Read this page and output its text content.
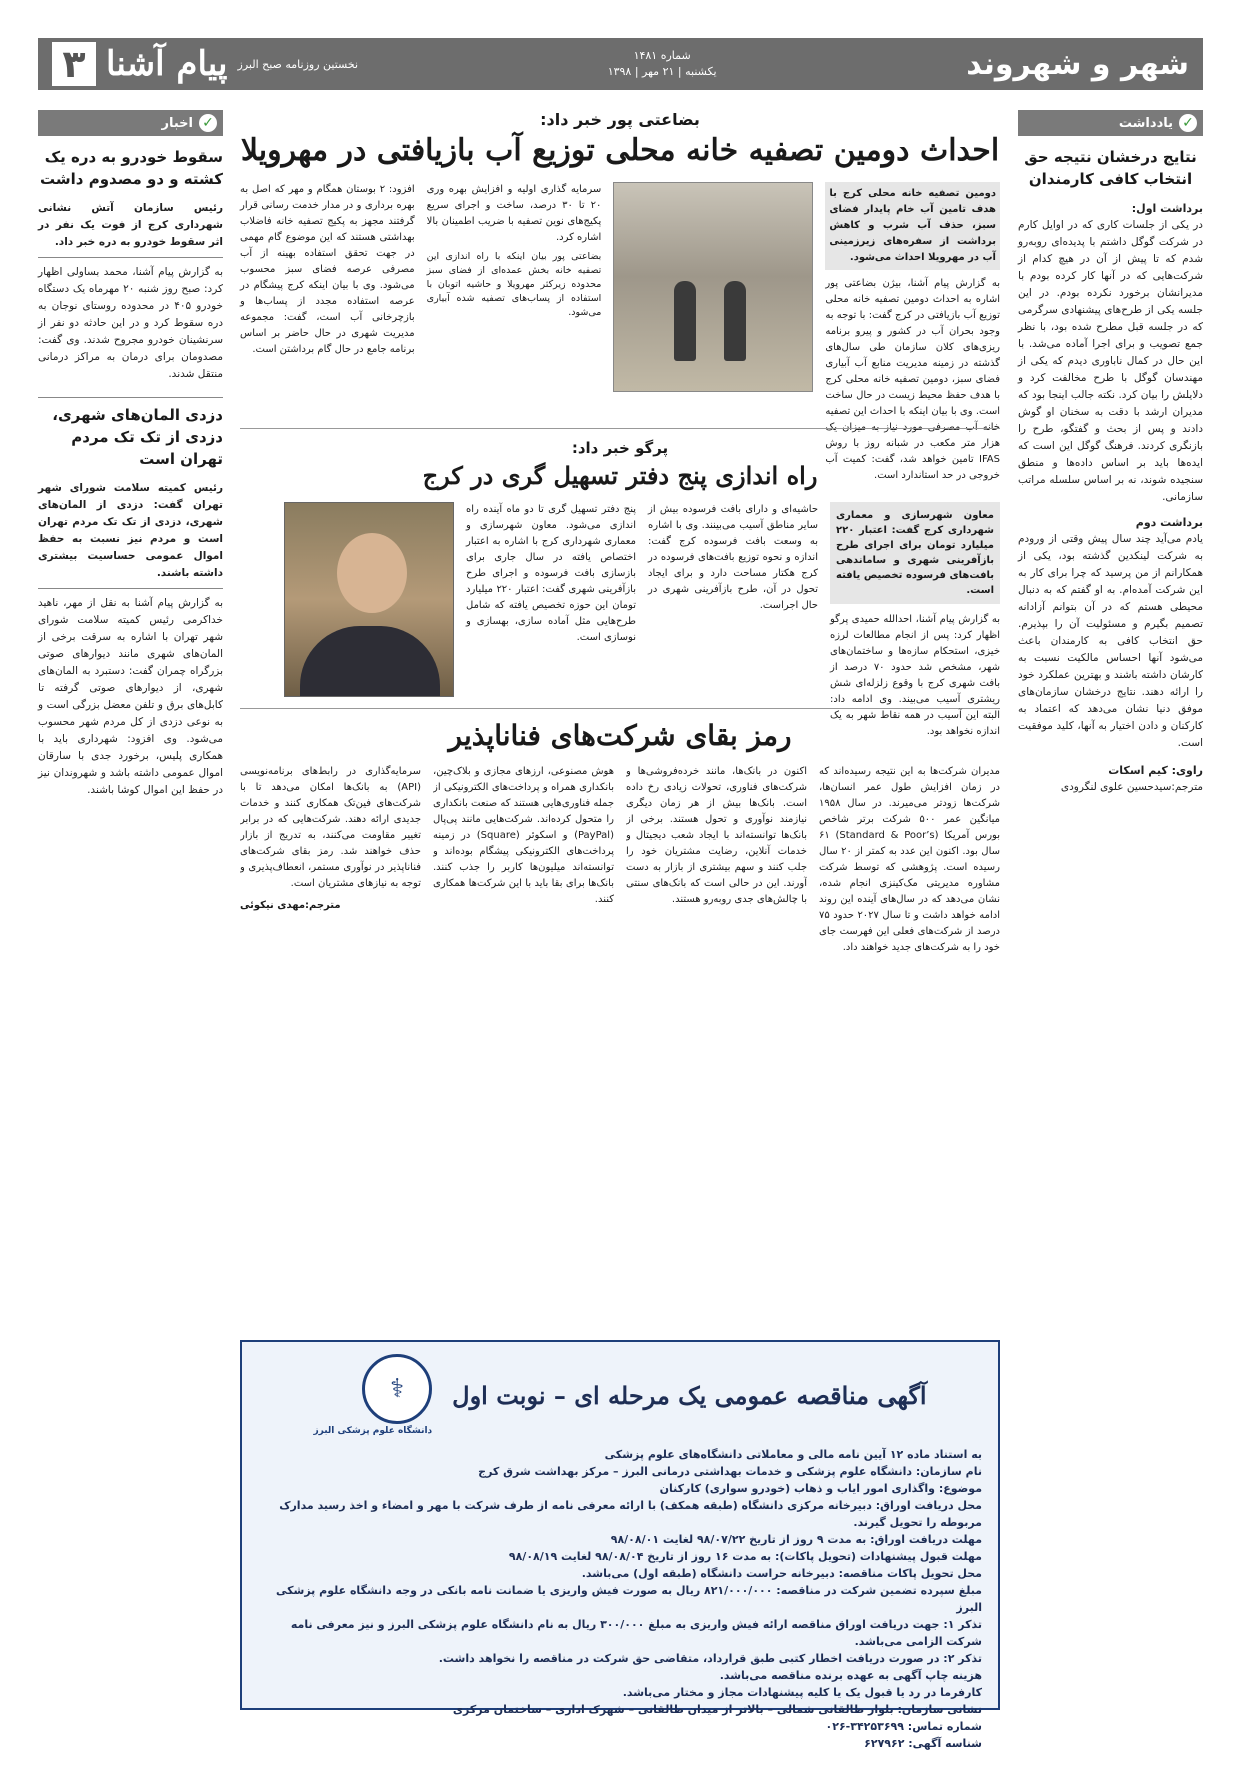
شهر و شهروند
شماره ۱۴۸۱
یکشنبه | ۲۱ مهر | ۱۳۹۸
نخستین روزنامه صبح البرز
پیام آشنا
۳
✓
یادداشت
نتایج درخشان نتیجه حق انتخاب کافی کارمندان
برداشت اول:

در یکی از جلسات کاری که در اوایل کارم در شرکت گوگل داشتم با پدیده‌ای روبه‌رو شدم که تا پیش از آن در هیچ کدام از شرکت‌هایی که در آنها کار کرده بودم با مدیرانشان برخورد نکرده بودم. در این جلسه یکی از طرح‌های پیشنهادی سرگرمی که در جلسه قبل مطرح شده بود، با نظر جمع تصویب و برای اجرا آماده می‌شد. با این حال در کمال ناباوری دیدم که یکی از مهندسان گوگل با طرح مخالفت کرد و دلایلش را بیان کرد. نکته جالب اینجا بود که مدیران ارشد با دقت به سخنان او گوش دادند و پس از بحث و گفتگو، طرح را بازنگری کردند. فرهنگ گوگل این است که ایده‌ها باید بر اساس داده‌ها و منطق سنجیده شوند، نه بر اساس سلسله مراتب سازمانی.

برداشت دوم

یادم می‌آید چند سال پیش وقتی از ورودم به شرکت لینکدین گذشته بود، یکی از همکارانم از من پرسید که چرا برای کار به این شرکت آمده‌ام. به او گفتم که به دنبال محیطی هستم که در آن بتوانم آزادانه تصمیم بگیرم و مسئولیت آن را بپذیرم. حق انتخاب کافی به کارمندان باعث می‌شود آنها احساس مالکیت نسبت به کارشان داشته باشند و بهترین عملکرد خود را ارائه دهند. نتایج درخشان سازمان‌های موفق دنیا نشان می‌دهد که اعتماد به کارکنان و دادن اختیار به آنها، کلید موفقیت است.

راوی: کیم اسکات
مترجم:سیدحسین علوی لنگرودی
✓
اخبار
سقوط خودرو به دره یک کشته و دو مصدوم داشت

رئیس سازمان آتش نشانی شهرداری کرج از فوت یک نفر در اثر سقوط خودرو به دره خبر داد.

به گزارش پیام آشنا، محمد بساولی اظهار کرد: صبح روز شنبه ۲۰ مهرماه یک دستگاه خودرو ۴۰۵ در محدوده روستای نوجان به دره سقوط کرد و در این حادثه دو نفر از سرنشینان خودرو مجروح شدند. وی گفت: مصدومان برای درمان به مراکز درمانی منتقل شدند.

دزدی المان‌های شهری، دزدی از تک تک مردم تهران است

رئیس کمیته سلامت شورای شهر تهران گفت: دزدی از المان‌های شهری، دزدی از تک تک مردم تهران است و مردم نیز نسبت به حفظ اموال عمومی حساسیت بیشتری داشته باشند.

به گزارش پیام آشنا به نقل از مهر، ناهید خداکرمی رئیس کمیته سلامت شورای شهر تهران با اشاره به سرقت برخی از المان‌های شهری مانند دیوارهای صوتی بزرگراه چمران گفت: دستبرد به المان‌های شهری، از دیوارهای صوتی گرفته تا کابل‌های برق و تلفن معضل بزرگی است و به نوعی دزدی از کل مردم شهر محسوب می‌شود. وی افزود: شهرداری باید با همکاری پلیس، برخورد جدی با سارقان اموال عمومی داشته باشد و شهروندان نیز در حفظ این اموال کوشا باشند.

بضاعتی پور خبر داد:
احداث دومین تصفیه خانه محلی توزیع آب بازیافتی در مهرویلا

دومین تصفیه خانه محلی کرج با هدف تامین آب خام پایدار فضای سبز، حذف آب شرب و کاهش برداشت از سفره‌های زیرزمینی آب در مهرویلا احداث می‌شود.

به گزارش پیام آشنا، بیژن بضاعتی پور اشاره به احداث دومین تصفیه خانه محلی توزیع آب بازیافتی در کرج گفت: با توجه به وجود بحران آب در کشور و پیرو برنامه ریزی‌های کلان سازمان طی سال‌های گذشته در زمینه مدیریت منابع آب آبیاری فضای سبز، دومین تصفیه خانه محلی کرج با هدف حفظ محیط زیست در حال ساخت است. وی با بیان اینکه با احداث این تصفیه خانه آب مصرفی مورد نیاز به میزان یک هزار متر مکعب در شبانه روز با روش IFAS تامین خواهد شد، گفت: کمیت آب خروجی در حد استاندارد است.

سرمایه گذاری اولیه و افزایش بهره وری ۲۰ تا ۳۰ درصد، ساخت و اجرای سریع پکیج‌های نوین تصفیه با ضریب اطمینان بالا اشاره کرد.

بضاعتی پور بیان اینکه با راه اندازی این تصفیه خانه بخش عمده‌ای از فضای سبز محدوده زیرکثر مهرویلا و حاشیه اتوبان با استفاده از پساب‌های تصفیه شده آبیاری می‌شود.

افزود: ۲ بوستان همگام و مهر که اصل به بهره برداری و در مدار خدمت رسانی قرار گرفتند مجهز به پکیج تصفیه خانه فاضلاب بهداشتی هستند که این موضوع گام مهمی در جهت تحقق استفاده بهینه از آب مصرفی عرصه فضای سبز محسوب می‌شود. وی با بیان اینکه کرج پیشگام در عرصه استفاده مجدد از پساب‌ها و بازچرخانی آب است، گفت: مجموعه مدیریت شهری در حال حاضر بر اساس برنامه جامع در حال گام برداشتن است.

پرگو خبر داد:
راه اندازی پنج دفتر تسهیل گری در کرج
معاون شهرسازی و معماری شهرداری کرج گفت: اعتبار ۲۲۰ میلیارد تومان برای اجرای طرح بازآفرینی شهری و ساماندهی بافت‌های فرسوده تخصیص یافته است.

به گزارش پیام آشنا، احدالله حمیدی پرگو اظهار کرد: پس از انجام مطالعات لرزه خیزی، استحکام سازه‌ها و ساختمان‌های شهر، مشخص شد حدود ۷۰ درصد از بافت شهری کرج با وقوع زلزله‌ای شش ریشتری آسیب می‌بیند. وی ادامه داد: البته این آسیب در همه نقاط شهر به یک اندازه نخواهد بود.

حاشیه‌ای و دارای بافت فرسوده بیش از سایر مناطق آسیب می‌بینند. وی با اشاره به وسعت بافت فرسوده کرج گفت: اندازه و نحوه توزیع بافت‌های فرسوده در کرج هکتار مساحت دارد و برای ایجاد تحول در آن، طرح بازآفرینی شهری در حال اجراست.

پنج دفتر تسهیل گری تا دو ماه آینده راه اندازی می‌شود. معاون شهرسازی و معماری شهرداری کرج با اشاره به اعتبار اختصاص یافته در سال جاری برای بازسازی بافت فرسوده و اجرای طرح بازآفرینی شهری گفت: اعتبار ۲۲۰ میلیارد تومان این حوزه تخصیص یافته که شامل طرح‌هایی مثل آماده سازی، بهسازی و نوسازی است.

رمز بقای شرکت‌های فناناپذیر
مدیران شرکت‌ها به این نتیجه رسیده‌اند که در زمان افزایش طول عمر انسان‌ها، شرکت‌ها زودتر می‌میرند. در سال ۱۹۵۸ میانگین عمر ۵۰۰ شرکت برتر شاخص بورس آمریکا (Standard & Poor’s) ۶۱ سال بود. اکنون این عدد به کمتر از ۲۰ سال رسیده است. پژوهشی که توسط شرکت مشاوره مدیریتی مک‌کینزی انجام شده، نشان می‌دهد که در سال‌های آینده این روند ادامه خواهد داشت و تا سال ۲۰۲۷ حدود ۷۵ درصد از شرکت‌های فعلی این فهرست جای خود را به شرکت‌های جدید خواهند داد.
اکنون در بانک‌ها، مانند خرده‌فروشی‌ها و شرکت‌های فناوری، تحولات زیادی رخ داده است. بانک‌ها بیش از هر زمان دیگری نیازمند نوآوری و تحول هستند. برخی از بانک‌ها توانسته‌اند با ایجاد شعب دیجیتال و خدمات آنلاین، رضایت مشتریان خود را جلب کنند و سهم بیشتری از بازار به دست آورند. این در حالی است که بانک‌های سنتی با چالش‌های جدی روبه‌رو هستند.
هوش مصنوعی، ارزهای مجازی و بلاک‌چین، بانکداری همراه و پرداخت‌های الکترونیکی از جمله فناوری‌هایی هستند که صنعت بانکداری را متحول کرده‌اند. شرکت‌هایی مانند پی‌پال (PayPal) و اسکوئر (Square) در زمینه پرداخت‌های الکترونیکی پیشگام بوده‌اند و توانسته‌اند میلیون‌ها کاربر را جذب کنند. بانک‌ها برای بقا باید با این شرکت‌ها همکاری کنند.

سرمایه‌گذاری در رابط‌های برنامه‌نویسی (API) به بانک‌ها امکان می‌دهد تا با شرکت‌های فین‌تک همکاری کنند و خدمات جدیدی ارائه دهند. شرکت‌هایی که در برابر تغییر مقاومت می‌کنند، به تدریج از بازار حذف خواهند شد. رمز بقای شرکت‌های فناناپذیر در نوآوری مستمر، انعطاف‌پذیری و توجه به نیازهای مشتریان است.

مترجم:مهدی نیکوئی
آگهی مناقصه عمومی یک مرحله ای – نوبت اول
⚕
دانشگاه علوم پزشکی البرز
به استناد ماده ۱۲ آیین نامه مالی و معاملاتی دانشگاه‌های علوم پزشکی
نام سازمان: دانشگاه علوم پزشکی و خدمات بهداشتی درمانی البرز – مرکز بهداشت شرق کرج
موضوع: واگذاری امور ایاب و ذهاب (خودرو سواری) کارکنان
محل دریافت اوراق: دبیرخانه مرکزی دانشگاه (طبقه همکف) با ارائه معرفی نامه از طرف شرکت با مهر و امضاء و اخذ رسید مدارک مربوطه را تحویل گیرند.
مهلت دریافت اوراق: به مدت ۹ روز از تاریخ ۹۸/۰۷/۲۲ لغایت ۹۸/۰۸/۰۱
مهلت قبول پیشنهادات (تحویل پاکات): به مدت ۱۶ روز از تاریخ ۹۸/۰۸/۰۴ لغایت ۹۸/۰۸/۱۹
محل تحویل پاکات مناقصه: دبیرخانه حراست دانشگاه (طبقه اول) می‌باشد.
مبلغ سپرده تضمین شرکت در مناقصه: ۸۲۱/۰۰۰/۰۰۰ ریال به صورت فیش واریزی یا ضمانت نامه بانکی در وجه دانشگاه علوم پزشکی البرز
تذکر ۱: جهت دریافت اوراق مناقصه ارائه فیش واریزی به مبلغ ۳۰۰/۰۰۰ ریال به نام دانشگاه علوم پزشکی البرز و نیز معرفی نامه شرکت الزامی می‌باشد.
تذکر ۲: در صورت دریافت اخطار کتبی طبق قرارداد، متقاضی حق شرکت در مناقصه را نخواهد داشت.
هزینه چاپ آگهی به عهده برنده مناقصه می‌باشد.
کارفرما در رد یا قبول یک یا کلیه پیشنهادات مجاز و مختار می‌باشد.
نشانی سازمان: بلوار طالقانی شمالی – بالاتر از میدان طالقانی – شهرک اداری – ساختمان مرکزی
شماره تماس: ۳۴۲۵۳۶۹۹-۰۲۶
شناسه آگهی: ۶۲۷۹۶۲
